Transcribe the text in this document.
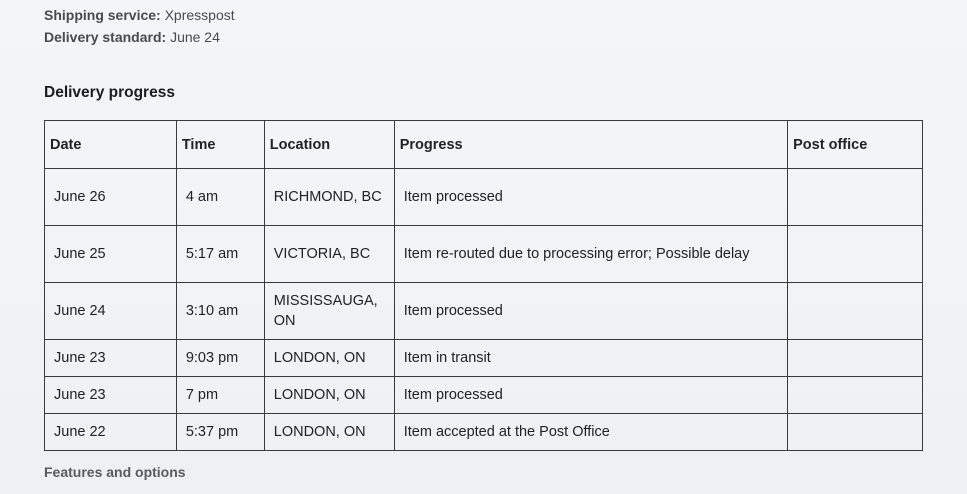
Shipping service: Xpresspost
Delivery standard: June 24
Delivery progress
Date	Time	Location	Progress	Post office
June 26	4 am	RICHMOND, BC	Item processed	
June 25	5:17 am	VICTORIA, BC	Item re-routed due to processing error; Possible delay	
June 24	3:10 am	MISSISSAUGA, ON	Item processed	
June 23	9:03 pm	LONDON, ON	Item in transit	
June 23	7 pm	LONDON, ON	Item processed	
June 22	5:37 pm	LONDON, ON	Item accepted at the Post Office	
Features and options
